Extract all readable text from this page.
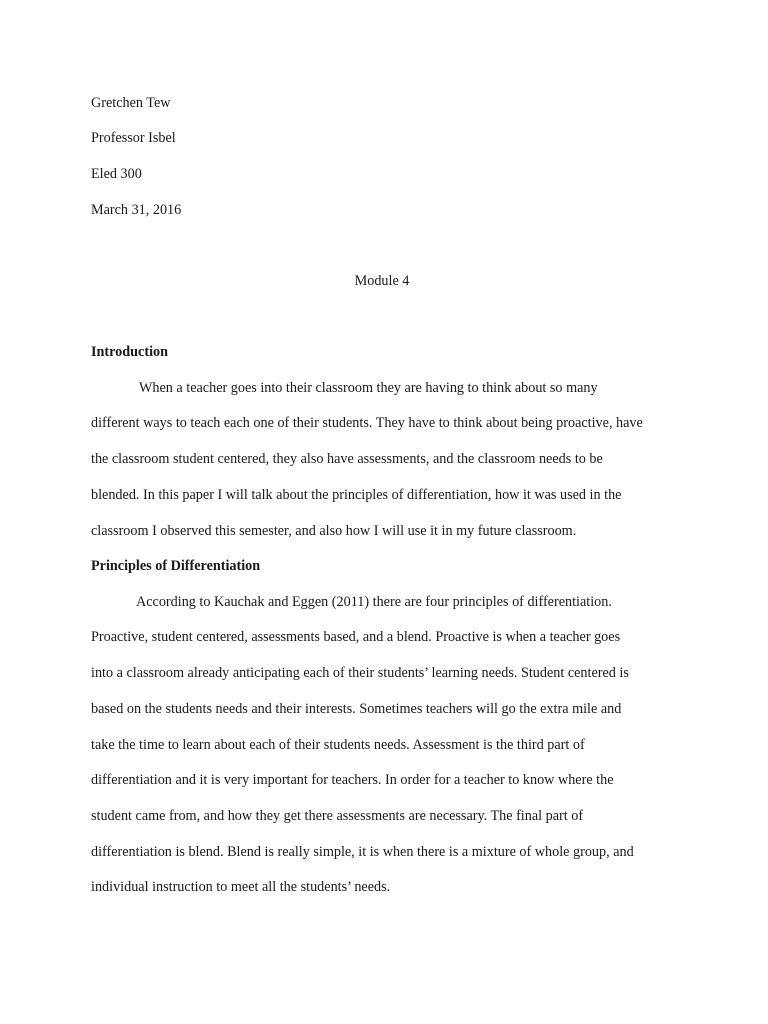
Gretchen Tew
Professor Isbel
Eled 300
March 31, 2016
Module 4
Introduction
When a teacher goes into their classroom they are having to think about so many
different ways to teach each one of their students. They have to think about being proactive, have
the classroom student centered, they also have assessments, and the classroom needs to be
blended. In this paper I will talk about the principles of differentiation, how it was used in the
classroom I observed this semester, and also how I will use it in my future classroom.
Principles of Differentiation
According to Kauchak and Eggen (2011) there are four principles of differentiation.
Proactive, student centered, assessments based, and a blend. Proactive is when a teacher goes
into a classroom already anticipating each of their students’ learning needs. Student centered is
based on the students needs and their interests. Sometimes teachers will go the extra mile and
take the time to learn about each of their students needs. Assessment is the third part of
differentiation and it is very important for teachers. In order for a teacher to know where the
student came from, and how they get there assessments are necessary. The final part of
differentiation is blend. Blend is really simple, it is when there is a mixture of whole group, and
individual instruction to meet all the students’ needs.
